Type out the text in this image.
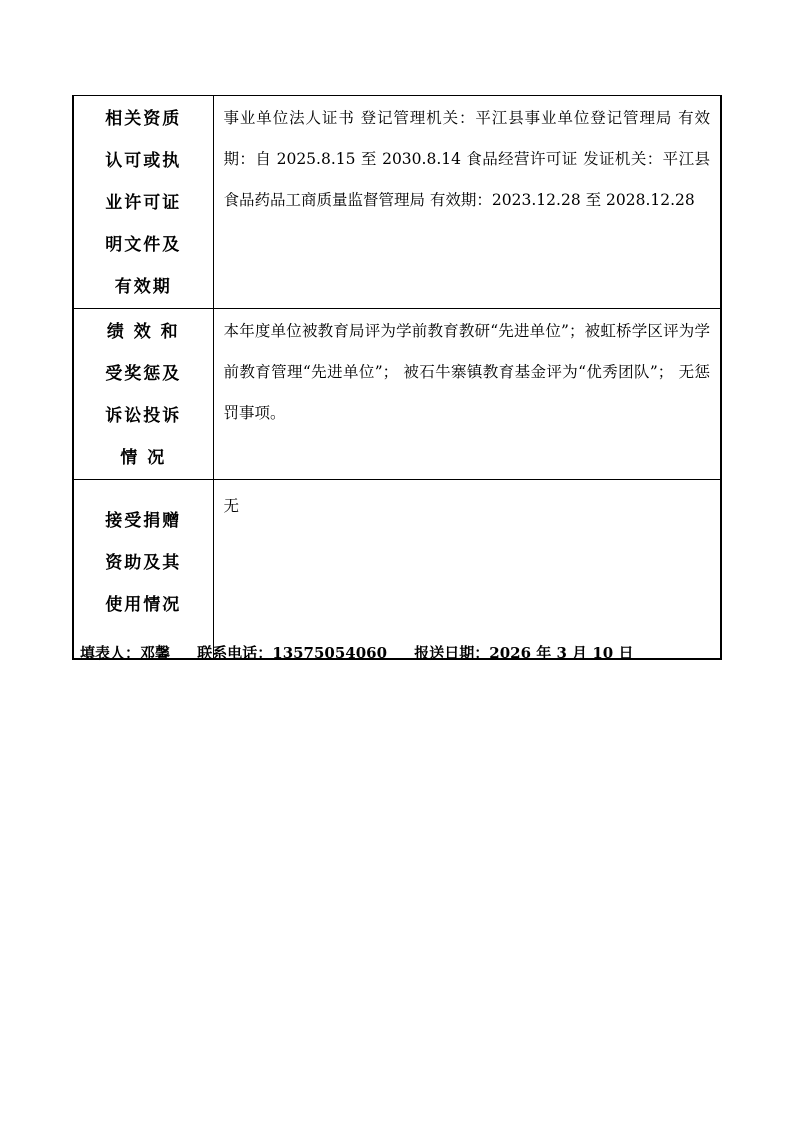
相关资质
认可或执
业许可证
明文件及
有效期	事业单位法人证书 登记管理机关：平江县事业单位登记管理局 有效期：自 2025.8.15 至 2030.8.14 食品经营许可证 发证机关：平江县食品药品工商质量监督管理局 有效期：2023.12.28 至 2028.12.28

绩 效 和
受奖惩及
诉讼投诉
情 况	本年度单位被教育局评为学前教育教研“先进单位”；被虹桥学区评为学前教育管理“先进单位”； 被石牛寨镇教育基金评为“优秀团队”； 无惩罚事项。

接受捐赠
资助及其
使用情况	无
填表人：邓馨 联系电话：13575054060 报送日期：2026 年 3 月 10 日
